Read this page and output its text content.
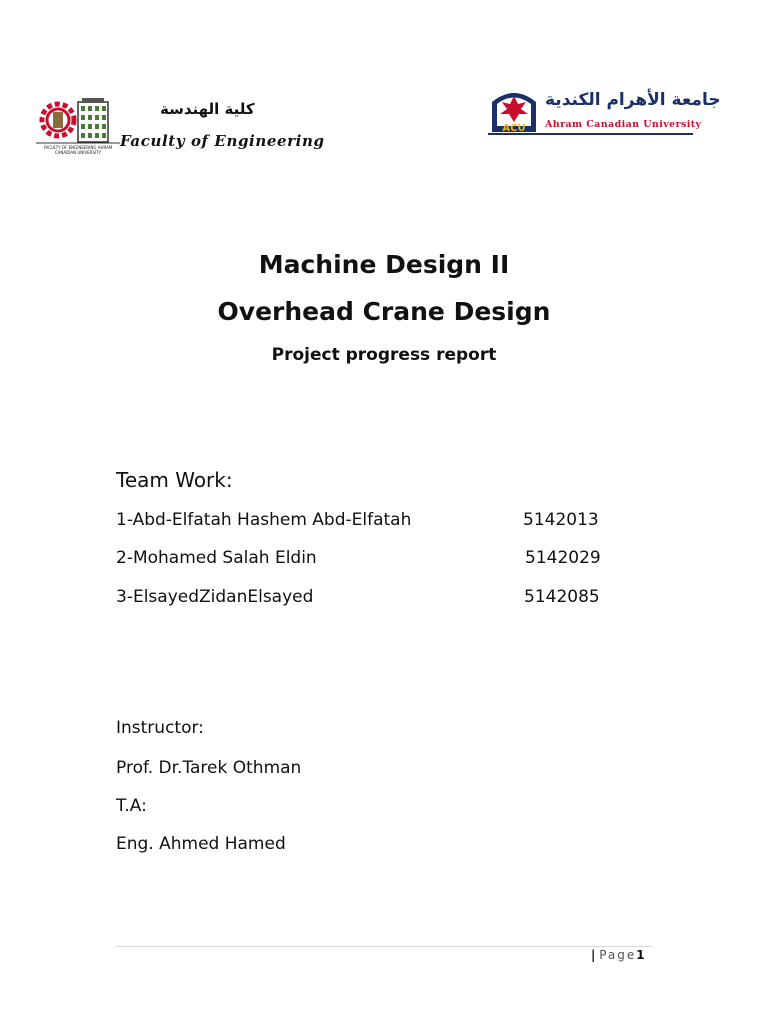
FACULTY OF ENGINEERING AHRAM CANADIAN UNIVERSITY
كلية الهندسة
Faculty of Engineering
ACU
جامعة الأهرام الكندية
Ahram Canadian University
Machine Design II
Overhead Crane Design
Project progress report
Team Work:
1-Abd-Elfatah Hashem Abd-Elfatah	5142013
2-Mohamed Salah Eldin	5142029
3-ElsayedZidanElsayed	5142085
Instructor:
Prof. Dr.Tarek Othman
T.A:
Eng. Ahmed Hamed
| Page1
